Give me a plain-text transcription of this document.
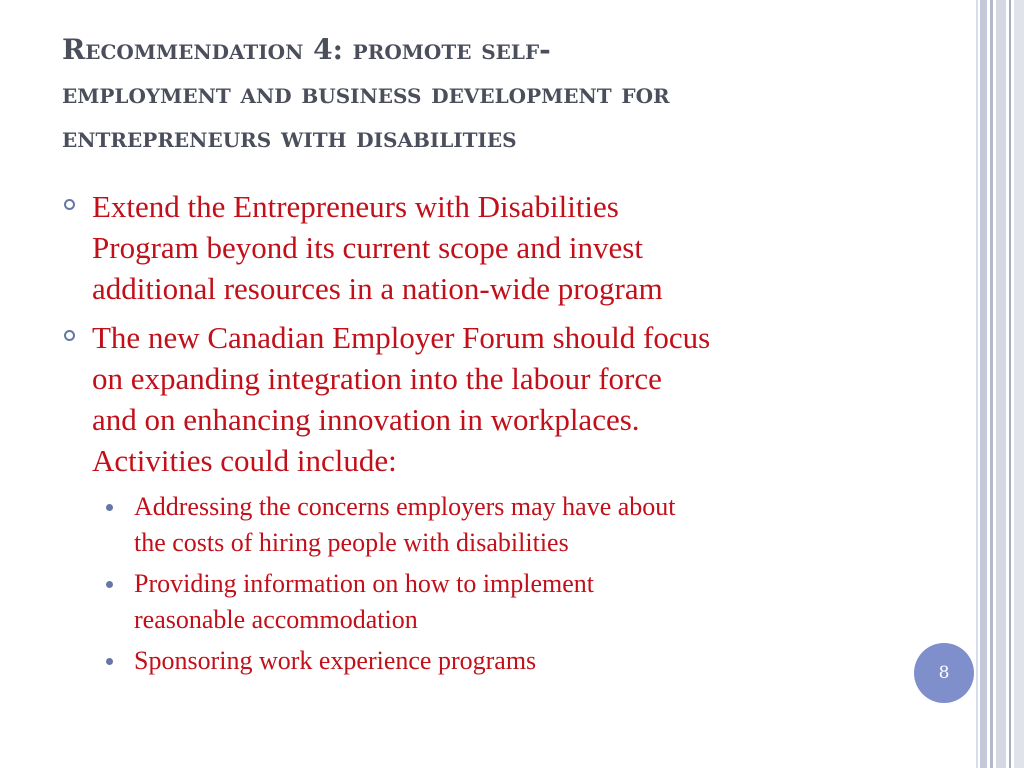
Recommendation 4: promote self-
employment and business development for
entrepreneurs with disabilities
Extend the Entrepreneurs with Disabilities
Program beyond its current scope and invest
additional resources in a nation-wide program
The new Canadian Employer Forum should focus
on expanding integration into the labour force
and on enhancing innovation in workplaces.
Activities could include:
Addressing the concerns employers may have about
the costs of hiring people with disabilities
Providing information on how to implement
reasonable accommodation
Sponsoring work experience programs	8
